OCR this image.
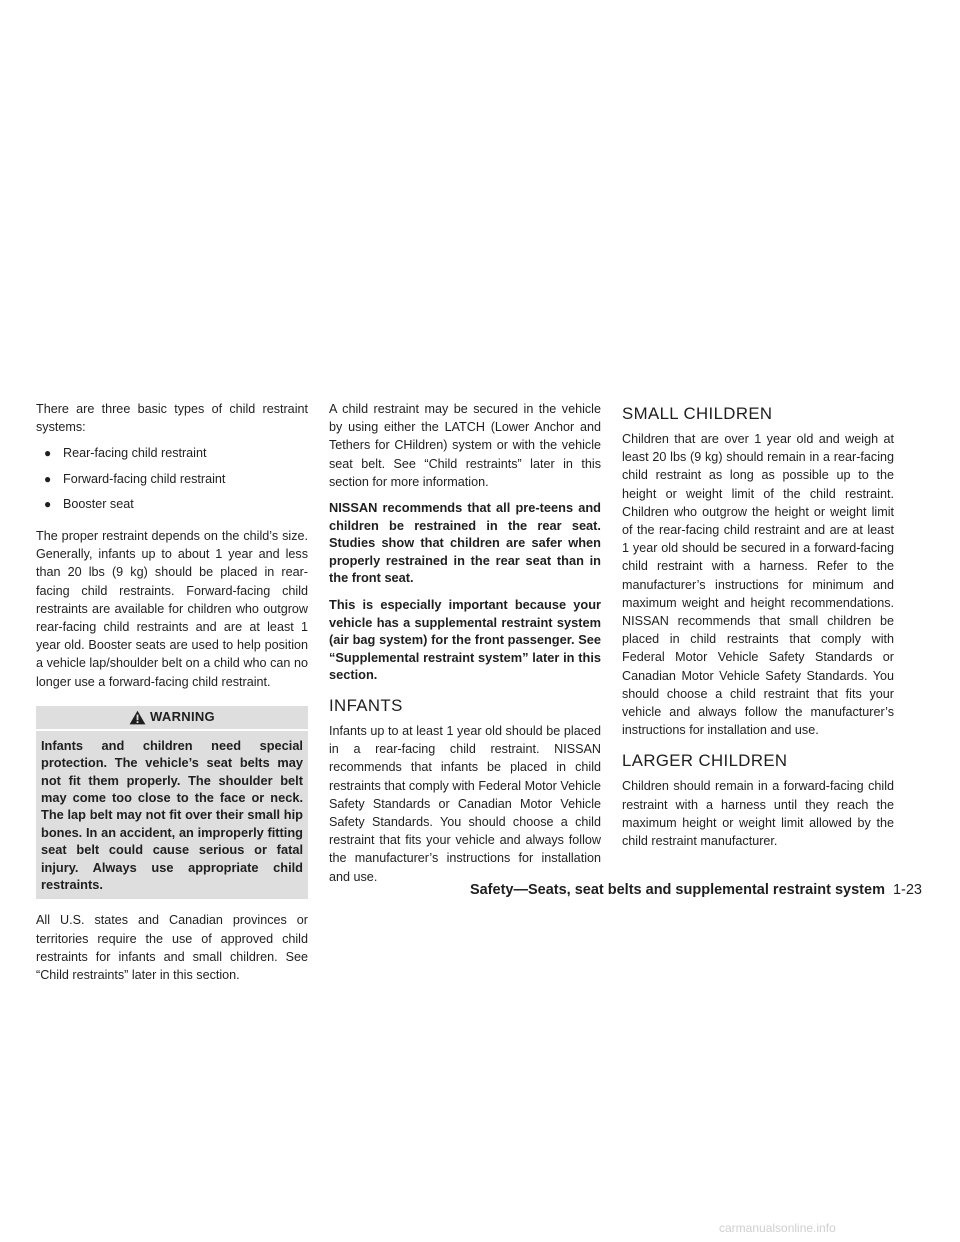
There are three basic types of child restraint systems:

● Rear-facing child restraint
● Forward-facing child restraint
● Booster seat

The proper restraint depends on the child’s size. Generally, infants up to about 1 year and less than 20 lbs (9 kg) should be placed in rear-facing child restraints. Forward-facing child restraints are available for children who outgrow rear-facing child restraints and are at least 1 year old. Booster seats are used to help position a vehicle lap/shoulder belt on a child who can no longer use a forward-facing child restraint.

WARNING
Infants and children need special protection. The vehicle’s seat belts may not fit them properly. The shoulder belt may come too close to the face or neck. The lap belt may not fit over their small hip bones. In an accident, an improperly fitting seat belt could cause serious or fatal injury. Always use appropriate child restraints.

All U.S. states and Canadian provinces or territories require the use of approved child restraints for infants and small children. See “Child restraints” later in this section.

A child restraint may be secured in the vehicle by using either the LATCH (Lower Anchor and Tethers for CHildren) system or with the vehicle seat belt. See “Child restraints” later in this section for more information.

NISSAN recommends that all pre-teens and children be restrained in the rear seat. Studies show that children are safer when properly restrained in the rear seat than in the front seat.

This is especially important because your vehicle has a supplemental restraint system (air bag system) for the front passenger. See “Supplemental restraint system” later in this section.

INFANTS

Infants up to at least 1 year old should be placed in a rear-facing child restraint. NISSAN recommends that infants be placed in child restraints that comply with Federal Motor Vehicle Safety Standards or Canadian Motor Vehicle Safety Standards. You should choose a child restraint that fits your vehicle and always follow the manufacturer’s instructions for installation and use.

SMALL CHILDREN

Children that are over 1 year old and weigh at least 20 lbs (9 kg) should remain in a rear-facing child restraint as long as possible up to the height or weight limit of the child restraint. Children who outgrow the height or weight limit of the rear-facing child restraint and are at least 1 year old should be secured in a forward-facing child restraint with a harness. Refer to the manufacturer’s instructions for minimum and maximum weight and height recommendations. NISSAN recommends that small children be placed in child restraints that comply with Federal Motor Vehicle Safety Standards or Canadian Motor Vehicle Safety Standards. You should choose a child restraint that fits your vehicle and always follow the manufacturer’s instructions for installation and use.

LARGER CHILDREN

Children should remain in a forward-facing child restraint with a harness until they reach the maximum height or weight limit allowed by the child restraint manufacturer.

Safety—Seats, seat belts and supplemental restraint system 1-23
carmanualsonline.info
